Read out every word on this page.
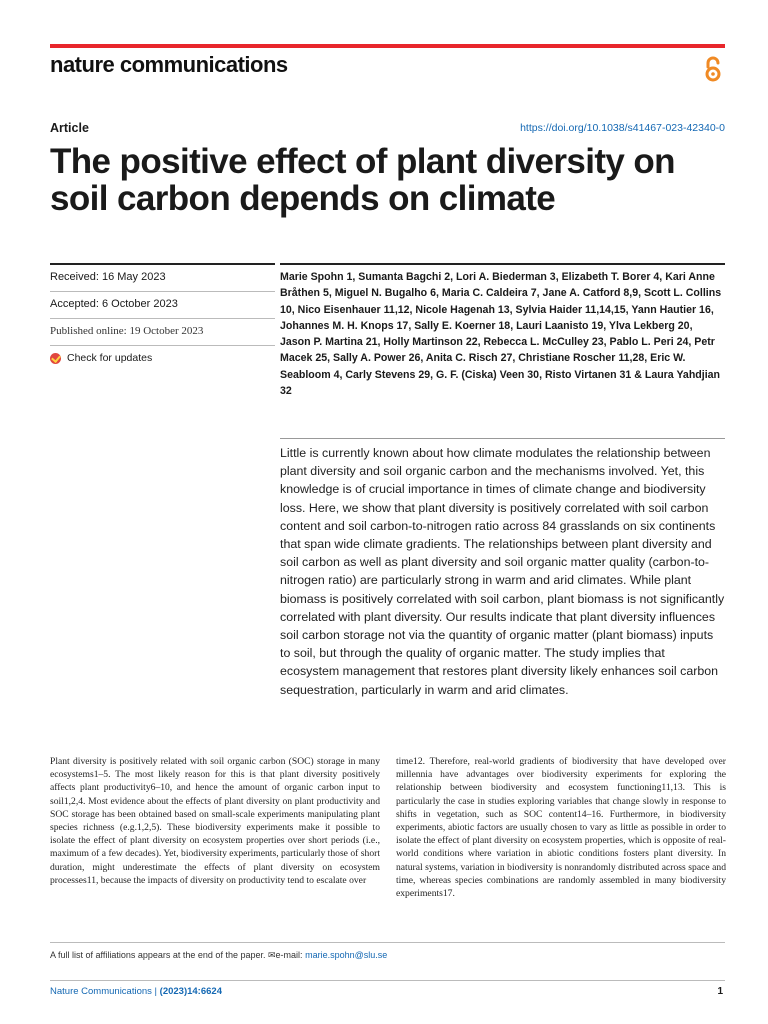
nature communications
Article	https://doi.org/10.1038/s41467-023-42340-0
The positive effect of plant diversity on soil carbon depends on climate
Received: 16 May 2023
Accepted: 6 October 2023
Published online: 19 October 2023
Check for updates
Marie Spohn 1, Sumanta Bagchi 2, Lori A. Biederman 3, Elizabeth T. Borer 4, Kari Anne Bråthen 5, Miguel N. Bugalho 6, Maria C. Caldeira 7, Jane A. Catford 8,9, Scott L. Collins 10, Nico Eisenhauer 11,12, Nicole Hagenah 13, Sylvia Haider 11,14,15, Yann Hautier 16, Johannes M. H. Knops 17, Sally E. Koerner 18, Lauri Laanisto 19, Ylva Lekberg 20, Jason P. Martina 21, Holly Martinson 22, Rebecca L. McCulley 23, Pablo L. Peri 24, Petr Macek 25, Sally A. Power 26, Anita C. Risch 27, Christiane Roscher 11,28, Eric W. Seabloom 4, Carly Stevens 29, G. F. (Ciska) Veen 30, Risto Virtanen 31 & Laura Yahdjian 32

Little is currently known about how climate modulates the relationship between plant diversity and soil organic carbon and the mechanisms involved. Yet, this knowledge is of crucial importance in times of climate change and biodiversity loss. Here, we show that plant diversity is positively correlated with soil carbon content and soil carbon-to-nitrogen ratio across 84 grasslands on six continents that span wide climate gradients. The relationships between plant diversity and soil carbon as well as plant diversity and soil organic matter quality (carbon-to-nitrogen ratio) are particularly strong in warm and arid climates. While plant biomass is positively correlated with soil carbon, plant biomass is not significantly correlated with plant diversity. Our results indicate that plant diversity influences soil carbon storage not via the quantity of organic matter (plant biomass) inputs to soil, but through the quality of organic matter. The study implies that ecosystem management that restores plant diversity likely enhances soil carbon sequestration, particularly in warm and arid climates.

Plant diversity is positively related with soil organic carbon (SOC) storage in many ecosystems1–5. The most likely reason for this is that plant diversity positively affects plant productivity6–10, and hence the amount of organic carbon input to soil1,2,4. Most evidence about the effects of plant diversity on plant productivity and SOC storage has been obtained based on small-scale experiments manipulating plant species richness (e.g.1,2,5). These biodiversity experiments make it possible to isolate the effect of plant diversity on ecosystem properties over short periods (i.e., maximum of a few decades). Yet, biodiversity experiments, particularly those of short duration, might underestimate the effects of plant diversity on ecosystem processes11, because the impacts of diversity on productivity tend to escalate over

time12. Therefore, real-world gradients of biodiversity that have developed over millennia have advantages over biodiversity experiments for exploring the relationship between biodiversity and ecosystem functioning11,13. This is particularly the case in studies exploring variables that change slowly in response to shifts in vegetation, such as SOC content14–16. Furthermore, in biodiversity experiments, abiotic factors are usually chosen to vary as little as possible in order to isolate the effect of plant diversity on ecosystem properties, which is opposite of real-world conditions where variation in abiotic conditions fosters plant diversity. In natural systems, variation in biodiversity is nonrandomly distributed across space and time, whereas species combinations are randomly assembled in many biodiversity experiments17.

A full list of affiliations appears at the end of the paper. ✉e-mail: marie.spohn@slu.se
Nature Communications | (2023)14:6624	1
